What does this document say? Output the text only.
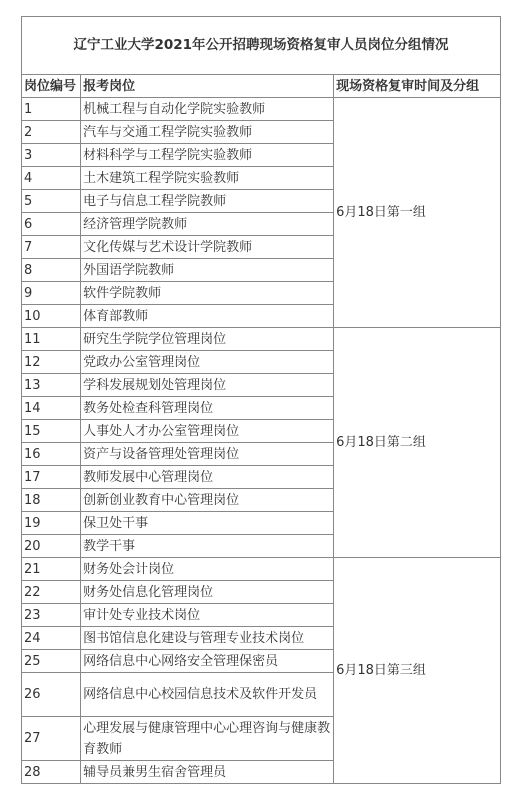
辽宁工业大学2021年公开招聘现场资格复审人员岗位分组情况		
岗位编号	报考岗位	现场资格复审时间及分组
1	机械工程与自动化学院实验教师	6月18日第一组
2	汽车与交通工程学院实验教师	
3	材料科学与工程学院实验教师	
4	土木建筑工程学院实验教师	
5	电子与信息工程学院教师	
6	经济管理学院教师	
7	文化传媒与艺术设计学院教师	
8	外国语学院教师	
9	软件学院教师	
10	体育部教师	
11	研究生学院学位管理岗位	6月18日第二组
12	党政办公室管理岗位	
13	学科发展规划处管理岗位	
14	教务处检查科管理岗位	
15	人事处人才办公室管理岗位	
16	资产与设备管理处管理岗位	
17	教师发展中心管理岗位	
18	创新创业教育中心管理岗位	
19	保卫处干事	
20	教学干事	
21	财务处会计岗位	6月18日第三组
22	财务处信息化管理岗位	
23	审计处专业技术岗位	
24	图书馆信息化建设与管理专业技术岗位	
25	网络信息中心网络安全管理保密员	
26	网络信息中心校园信息技术及软件开发员	
27	心理发展与健康管理中心心理咨询与健康教育教师	
28	辅导员兼男生宿舍管理员	
